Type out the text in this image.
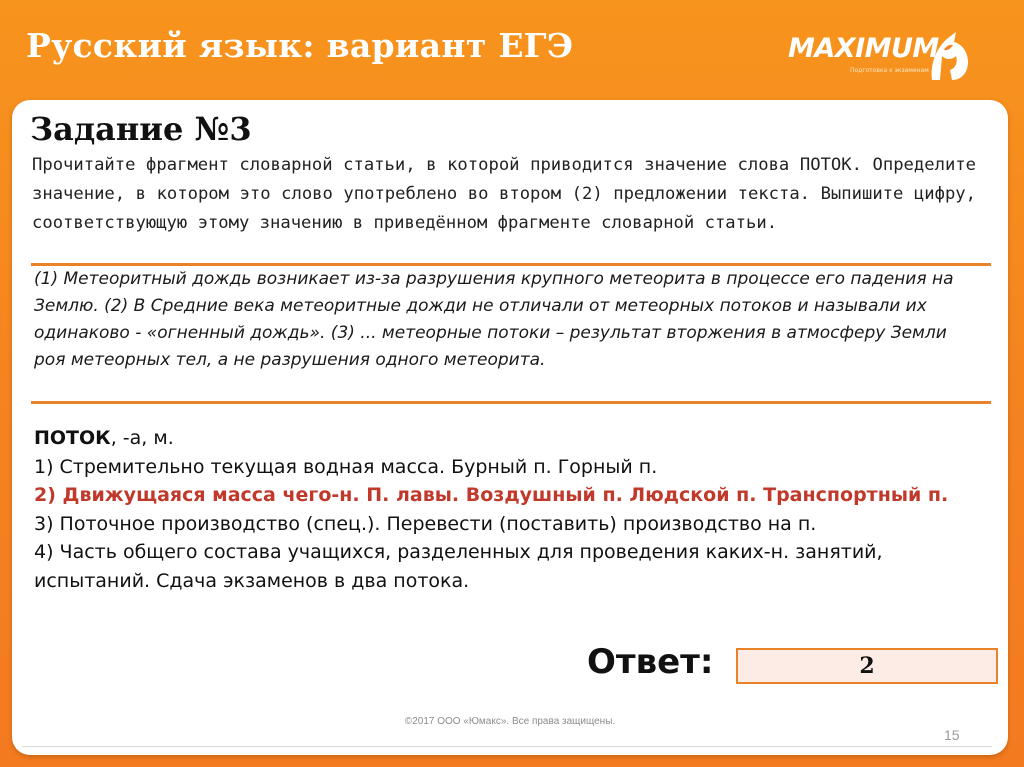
Русский язык: вариант ЕГЭ	MAXIMUM
Подготовка к экзаменам
Задание №3
Прочитайте фрагмент словарной статьи, в которой приводится значение слова ПОТОК. Определите значение, в котором это слово употреблено во втором (2) предложении текста. Выпишите цифру, соответствующую этому значению в приведённом фрагменте словарной статьи.
(1) Метеоритный дождь возникает из-за разрушения крупного метеорита в процессе его падения на Землю. (2) В Средние века метеоритные дожди не отличали от метеорных потоков и называли их одинаково - «огненный дождь». (3) ... метеорные потоки – результат вторжения в атмосферу Земли роя метеорных тел, а не разрушения одного метеорита.

ПОТОК, -а, м.

1) Стремительно текущая водная масса. Бурный п. Горный п.

2) Движущаяся масса чего-н. П. лавы. Воздушный п. Людской п. Транспортный п.

3) Поточное производство (спец.). Перевести (поставить) производство на п.

4) Часть общего состава учащихся, разделенных для проведения каких-н. занятий, испытаний. Сдача экзаменов в два потока.

Ответ:	2
©2017 ООО «Юмакс». Все права защищены.
15
